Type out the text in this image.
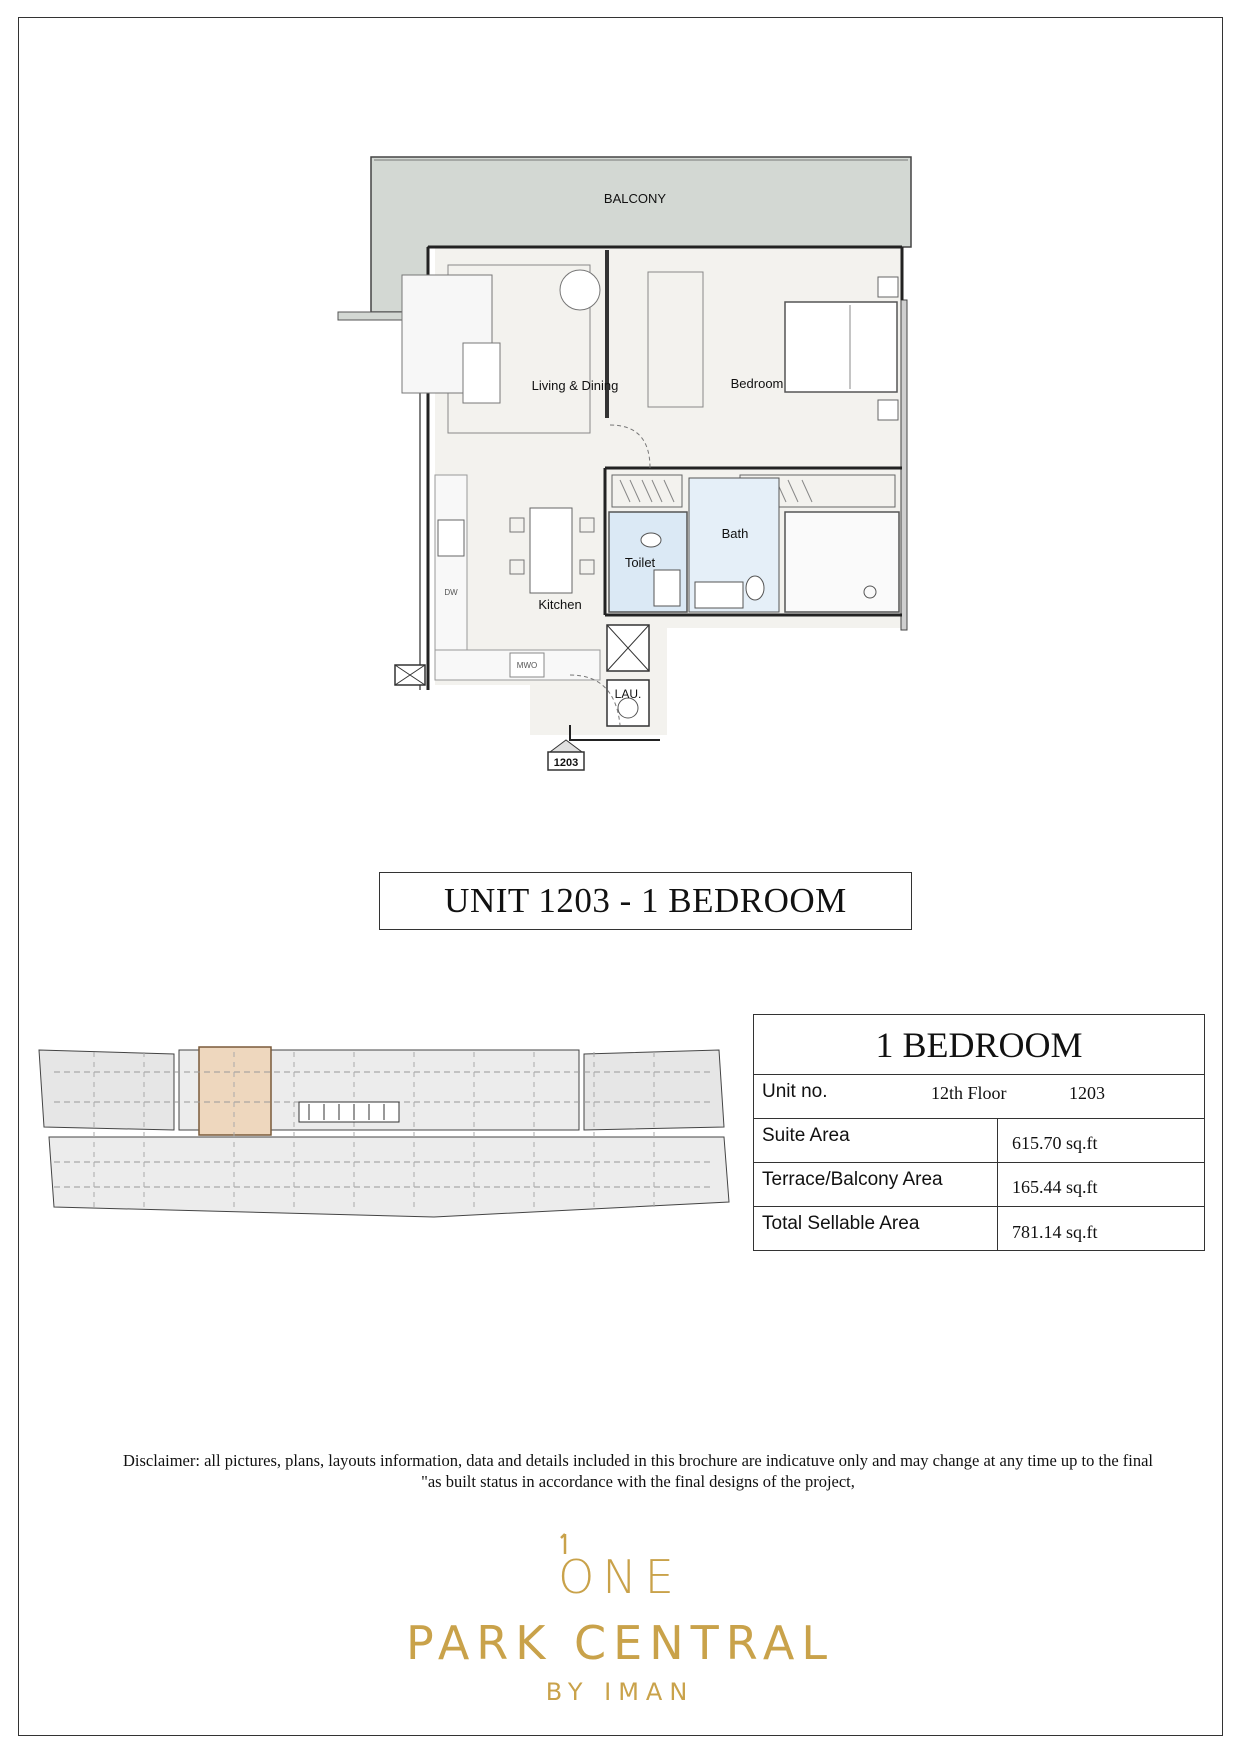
BALCONY
Living & Dining	Bedroom
Toilet
Bath
Kitchen
LAU.
DW
MWO
1203
UNIT 1203 - 1 BEDROOM
1 BEDROOM
Unit no.	12th Floor	1203
Suite Area	615.70 sq.ft
Terrace/Balcony Area	165.44 sq.ft
Total Sellable Area	781.14 sq.ft
Disclaimer: all pictures, plans, layouts information, data and details included in this brochure are indicatuve only and may change at any time up to the final
"as built status in accordance with the final designs of the project,
ONE
PARK CENTRAL
BY IMAN
